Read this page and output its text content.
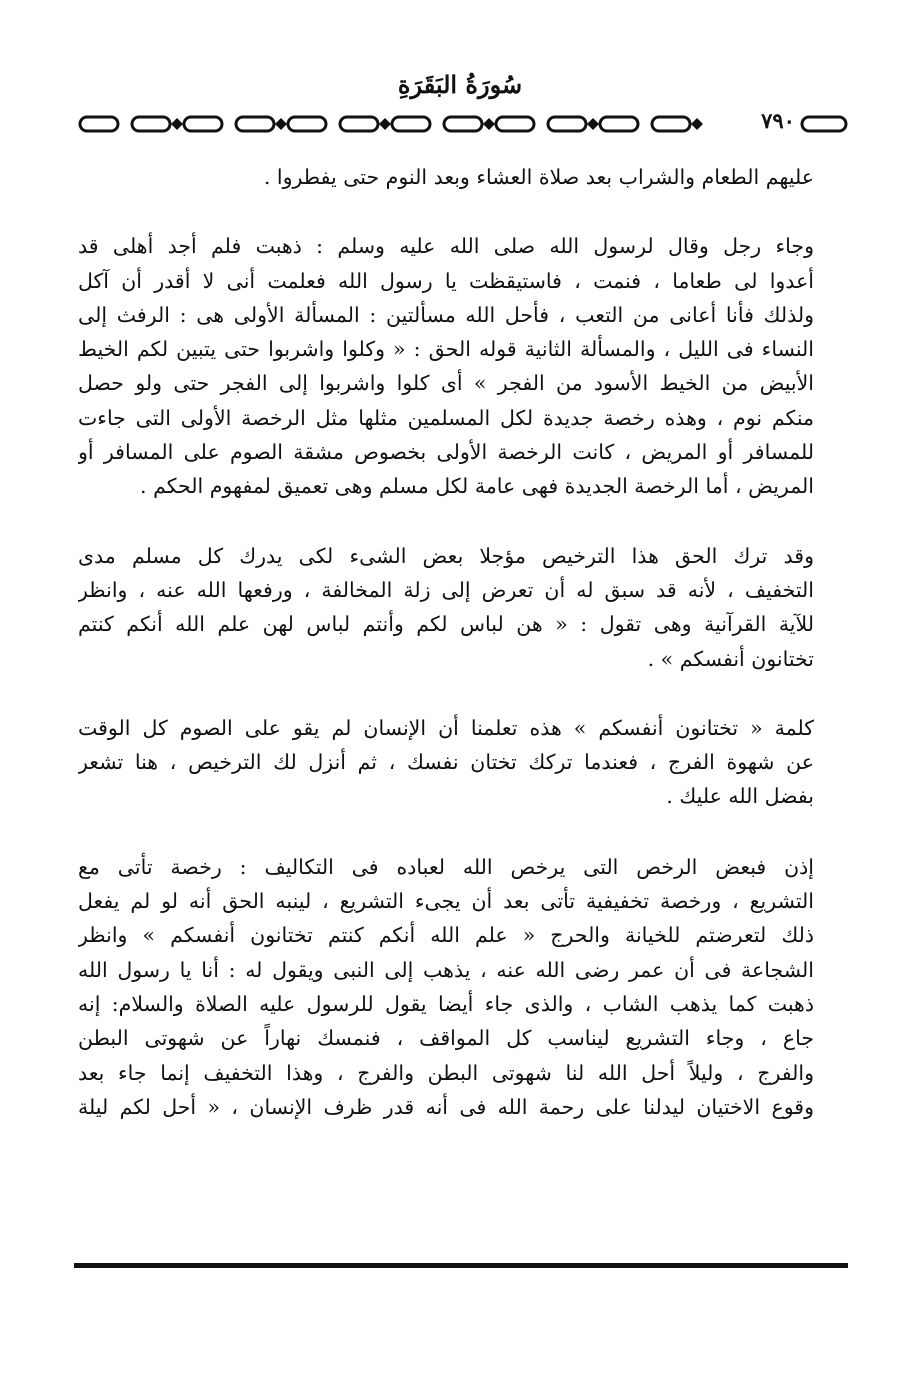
سُورَةُ البَقَرَةِ
٧٩٠

عليهم الطعام والشراب بعد صلاة العشاء وبعد النوم حتى يفطروا .

وجاء رجل وقال لرسول الله صلى الله عليه وسلم : ذهبت فلم أجد أهلى قد
أعدوا لى طعاما ، فنمت ، فاستيقظت يا رسول الله فعلمت أنى لا أقدر أن آكل
ولذلك فأنا أعانى من التعب ، فأحل الله مسألتين : المسألة الأولى هى : الرفث إلى
النساء فى الليل ، والمسألة الثانية قوله الحق : « وكلوا واشربوا حتى يتبين لكم الخيط
الأبيض من الخيط الأسود من الفجر » أى كلوا واشربوا إلى الفجر حتى ولو حصل
منكم نوم ، وهذه رخصة جديدة لكل المسلمين مثلها مثل الرخصة الأولى التى جاءت
للمسافر أو المريض ، كانت الرخصة الأولى بخصوص مشقة الصوم على المسافر أو
المريض ، أما الرخصة الجديدة فهى عامة لكل مسلم وهى تعميق لمفهوم الحكم .

وقد ترك الحق هذا الترخيص مؤجلا بعض الشىء لكى يدرك كل مسلم مدى
التخفيف ، لأنه قد سبق له أن تعرض إلى زلة المخالفة ، ورفعها الله عنه ، وانظر
للآية القرآنية وهى تقول : « هن لباس لكم وأنتم لباس لهن علم الله أنكم كنتم
تختانون أنفسكم » .

كلمة « تختانون أنفسكم » هذه تعلمنا أن الإنسان لم يقو على الصوم كل الوقت
عن شهوة الفرج ، فعندما تركك تختان نفسك ، ثم أنزل لك الترخيص ، هنا تشعر
بفضل الله عليك .

إذن فبعض الرخص التى يرخص الله لعباده فى التكاليف : رخصة تأتى مع
التشريع ، ورخصة تخفيفية تأتى بعد أن يجىء التشريع ، لينبه الحق أنه لو لم يفعل
ذلك لتعرضتم للخيانة والحرج « علم الله أنكم كنتم تختانون أنفسكم » وانظر
الشجاعة فى أن عمر رضى الله عنه ، يذهب إلى النبى ويقول له : أنا يا رسول الله
ذهبت كما يذهب الشاب ، والذى جاء أيضا يقول للرسول عليه الصلاة والسلام: إنه
جاع ، وجاء التشريع ليناسب كل المواقف ، فنمسك نهاراً عن شهوتى البطن
والفرج ، وليلاً أحل الله لنا شهوتى البطن والفرج ، وهذا التخفيف إنما جاء بعد
وقوع الاختيان ليدلنا على رحمة الله فى أنه قدر ظرف الإنسان ، « أحل لكم ليلة
